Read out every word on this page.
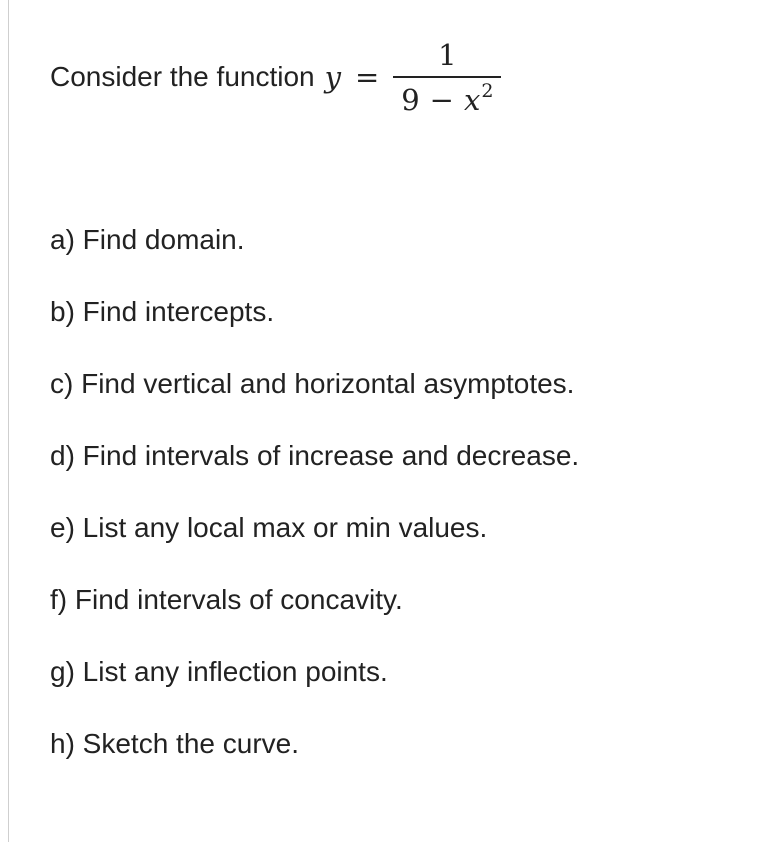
Consider the function $y = \frac{1}{9 - x^2}$
a) Find domain.
b) Find intercepts.
c) Find vertical and horizontal asymptotes.
d) Find intervals of increase and decrease.
e) List any local max or min values.
f) Find intervals of concavity.
g) List any inflection points.
h) Sketch the curve.
